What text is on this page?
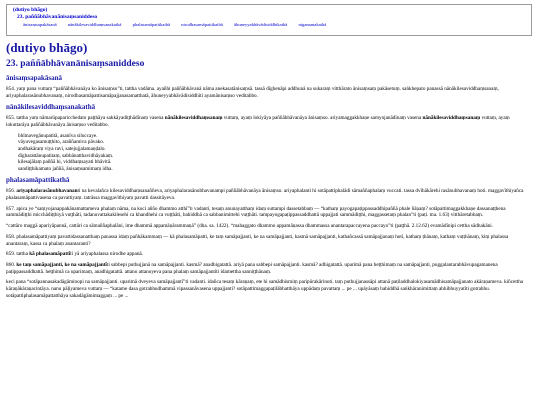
(dutiyo bhāgo)
23. paññābhāvanānisaṃsaniddeso
ānisaṃsapakāsanā nānākilesaviddhaṃsanakathā phalasamāpattikathā nirodhasamāpattikathā āhuneyyabhāvādisiddhikathā nigamanakathā
(dutiyo bhāgo)
23. paññābhāvanānisaṃsaniddeso
ānisaṃsapakāsanā

854. yaṃ pana vuttaṃ “paññābhāvanāya ko ānisaṃso”ti, tattha vadāma. ayañhi paññābhāvanā nāma anekasatānisaṃsā. tassā dīghenāpi addhunā na sukaraṃ vitthārato ānisaṃsaṃ pakāsetuṃ. saṅkhepato panassā nānākilesaviddhaṃsanaṃ, ariyaphalarasānubhavanaṃ, nirodhasamāpattisamāpajjanasamatthatā, āhuneyyabhāvādisiddhīti ayamānisaṃso veditabbo.

nānākilesaviddhaṃsanakathā

855. tattha yaṃ nāmarūpaparicchedato paṭṭhāya sakkāyadiṭṭhādīnaṃ vasena nānākilesaviddhaṃsanaṃ vuttaṃ, ayaṃ lokiyāya paññābhāvanāya ānisaṃso. ariyamaggakkhaṇe samyojanādīnaṃ vasena nānākilesaviddhaṃsanaṃ vuttaṃ, ayaṃ lokuttarāya paññābhāvanāya ānisaṃso veditabbo.

bhīmavegānupatitā, asanīva siluccaye.
vāyuvegasamuṭṭhito, araññamiva pāvako.
andhakāraṃ viya ravi, satejujjalamaṇḍalo.
dīgharattānupatitaṃ, sabbānatthavidhāyakaṃ.
kilesajālaṃ paññā hi, viddhaṃsayati bhāvitā.
sandiṭṭhikamato jaññā, ānisaṃsamimaṃ idha.
phalasamāpattikathā

856. ariyaphalarasānubhavananti na kevalañca kilesaviddhaṃsanaññeva, ariyaphalarasānubhavanampi paññābhāvanāya ānisaṃso. ariyaphalanti hi sotāpattiphalādi sāmaññaphalaṃ vuccati. tassa dvīhākārehi rasānubhavanaṃ hoti. maggavīthiyañca phalasamāpattivasena ca pavattiyaṃ. tatrāssa maggavīthiyaṃ pavatti dassitāyeva.

857. apica ye “saṃyojanappahānamattameva phalaṃ nāma, na koci añño dhammo atthī”ti vadanti, tesaṃ anunayatthaṃ idaṃ suttampi dassetabbaṃ — “kathaṃ payogapaṭippassaddhipaññā phale ñāṇaṃ? sotāpattimaggakkhaṇe dassanaṭṭhena sammādiṭṭhi micchādiṭṭhiyā vuṭṭhāti, tadanuvattakakilesehi ca khandhehi ca vuṭṭhāti, bahiddhā ca sabbanimittehi vuṭṭhāti. tampayogapaṭippassaddhattā uppajjati sammādiṭṭhi, maggassetaṃ phalan”ti (paṭi. ma. 1.63) vitthāretabbaṃ.

“cattāro maggā apariyāpannā, cattāri ca sāmaññaphalāni, ime dhammā appamāṇārammaṇā” (dha. sa. 1422). “mahaggato dhammo appamāṇassa dhammassa anantarapaccayena paccayo”ti (paṭṭhā. 2.12.62) evamādīnipi cettha sādhakāni.

858. phalasamāpattiyaṃ pavattidassanatthaṃ panassa idaṃ pañhākammaṃ — kā phalasamāpatti, ke taṃ samāpajjanti, ke na samāpajjanti, kasmā samāpajjanti, kathañcassā samāpajjanaṃ hoti, kathaṃ ṭhānaṃ, kathaṃ vuṭṭhānaṃ, kiṃ phalassa anantaraṃ, kassa ca phalaṃ anantaranti?

859. tattha kā phalasamāpattīti yā ariyaphalassa nirodhe appanā.

860. ke taṃ samāpajjanti, ke na samāpajjantīti sabbepi puthujjanā na samāpajjanti. kasmā? anadhigatattā. ariyā pana sabbepi samāpajjanti. kasmā? adhigatattā. uparimā pana heṭṭhimaṃ na samāpajjanti, puggalantarabhāvupagamanena paṭippassaddhattā. heṭṭhimā ca uparimaṃ, anadhigatattā. attano attanoyeva pana phalaṃ samāpajjantīti idamettha sanniṭṭhānaṃ.

keci pana “sotāpannasakadāgāminopi na samāpajjanti. uparimā dveyeva samāpajjantī”ti vadanti. idañca tesaṃ kāraṇaṃ, ete hi samādhismiṃ paripūrakārinoti. taṃ puthujjanassāpi attanā paṭiladdhalokiyasamādhisamāpajjanato akāraṇameva. kiñcettha kāraṇākāraṇacintāya. nanu pāḷiyameva vuttaṃ — “katame dasa gotrabhudhammā vipassanāvasena uppajjanti? sotāpattimaggapaṭilābhatthāya uppādaṃ pavattaṃ ... pe ... upāyāsaṃ bahiddhā saṅkhāranimittaṃ abhibhuyyatīti gotrabhu. sotāpattiphalasamāpattatthāya sakadāgāmimaggaṃ ... pe ...
